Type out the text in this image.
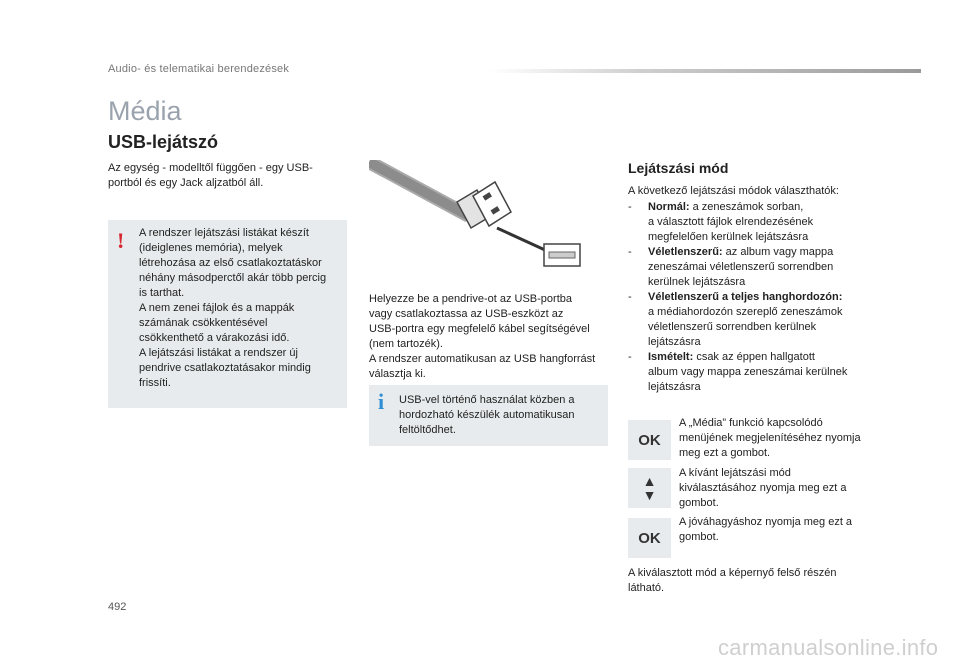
Audio- és telematikai berendezések
Média
USB-lejátszó
Az egység - modelltől függően - egy USB-portból és egy Jack aljzatból áll.
! A rendszer lejátszási listákat készít
(ideiglenes memória), melyek
létrehozása az első csatlakoztatáskor
néhány másodperctől akár több percig
is tarthat.
A nem zenei fájlok és a mappák
számának csökkentésével
csökkenthető a várakozási idő.
A lejátszási listákat a rendszer új
pendrive csatlakoztatásakor mindig
frissíti.
Helyezze be a pendrive-ot az USB-portba
vagy csatlakoztassa az USB-eszközt az
USB-portra egy megfelelő kábel segítségével
(nem tartozék).
A rendszer automatikusan az USB hangforrást
választja ki.
i USB-vel történő használat közben a
hordozható készülék automatikusan
feltöltődhet.
Lejátszási mód
A következő lejátszási módok választhatók:
- Normál: a zeneszámok sorban,
a választott fájlok elrendezésének
megfelelően kerülnek lejátszásra
- Véletlenszerű: az album vagy mappa
zeneszámai véletlenszerű sorrendben
kerülnek lejátszásra
- Véletlenszerű a teljes hanghordozón:
a médiahordozón szereplő zeneszámok
véletlenszerű sorrendben kerülnek
lejátszásra
- Ismételt: csak az éppen hallgatott
album vagy mappa zeneszámai kerülnek
lejátszásra
OK
A „Média” funkció kapcsolódó
menüjének megjelenítéséhez nyomja
meg ezt a gombot.
▲
▼
A kívánt lejátszási mód
kiválasztásához nyomja meg ezt a
gombot.
OK
A jóváhagyáshoz nyomja meg ezt a
gombot.
A kiválasztott mód a képernyő felső részén
látható.
492
carmanualsonline.info
